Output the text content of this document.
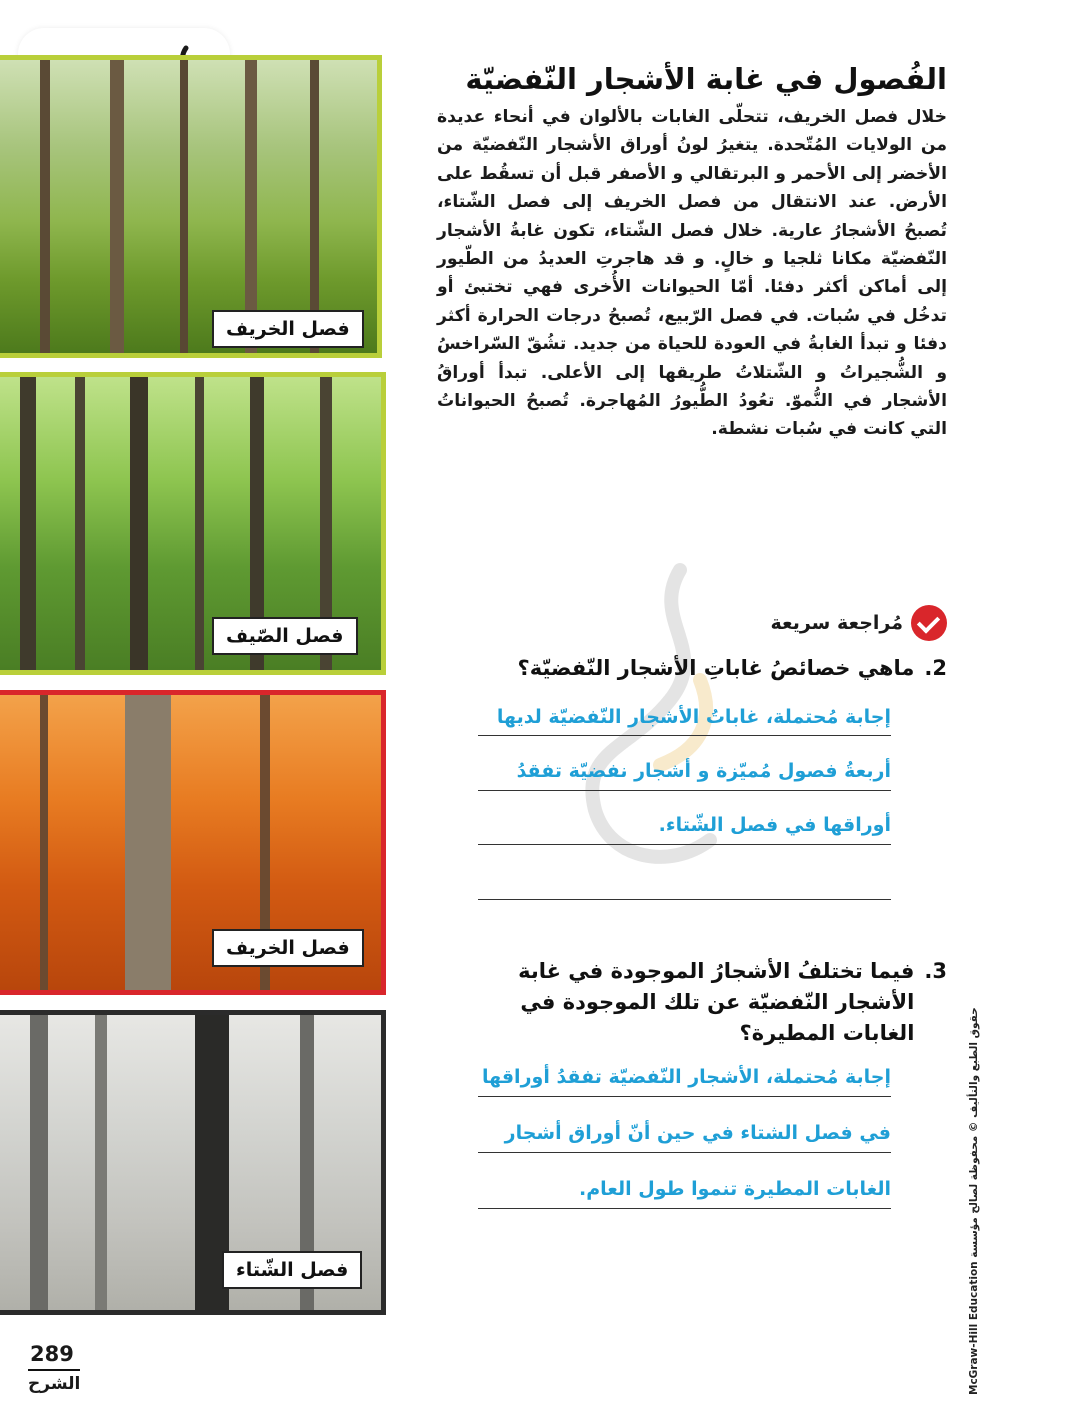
فصل الخريف
فصل الصّيف
فصل الخريف
فصل الشّتاء
الفُصول في غابة الأشجار النّفضيّة
خلال فصل الخريف، تتحلّى الغابات بالألوان في أنحاء عديدة من الولايات المُتّحدة. يتغيرُ لونُ أوراق الأشجار النّفضيّة من الأخضر إلى الأحمر و البرتقالي و الأصفر قبل أن تسقُط على الأرض. عند الانتقال من فصل الخريف إلى فصل الشّتاء، تُصبحُ الأشجارُ عارية. خلال فصل الشّتاء، تكون غابةُ الأشجار النّفضيّة مكانا ثلجيا و خالٍ. و قد هاجرتِ العديدُ من الطّيور إلى أماكن أكثر دفئا. أمّا الحيوانات الأُخرى فهي تختبئ أو تدخُل في سُبات. في فصل الرّبيع، تُصبحُ درجات الحرارة أكثر دفئا و تبدأ الغابةُ في العودة للحياة من جديد. تشُقّ السّراخسُ و الشُّجيراتُ و الشّتلاتُ طريقها إلى الأعلى. تبدأ أوراقُ الأشجار في النُّموّ. تعُودُ الطُّيورُ المُهاجرة. تُصبحُ الحيواناتُ التي كانت في سُبات نشطة.
مُراجعة سريعة
2.
ماهي خصائصُ غاباتِ الأشجار النّفضيّة؟
إجابة مُحتملة، غاباتُ الأشجار النّفضيّة لديها
أربعةُ فصول مُميّزة و أشجار نفضيّة تفقدُ
أوراقها في فصل الشّتاء.
3.
فيما تختلفُ الأشجارُ الموجودة في غابة
الأشجار النّفضيّة عن تلك الموجودة في
الغابات المطيرة؟
إجابة مُحتملة، الأشجار النّفضيّة تفقدُ أوراقها
في فصل الشتاء في حين أنّ أوراق أشجار
الغابات المطيرة تنموا طول العام.
حقوق الطبع والتأليف © محفوظة لصالح مؤسسة McGraw-Hill Education
289
الشرح
